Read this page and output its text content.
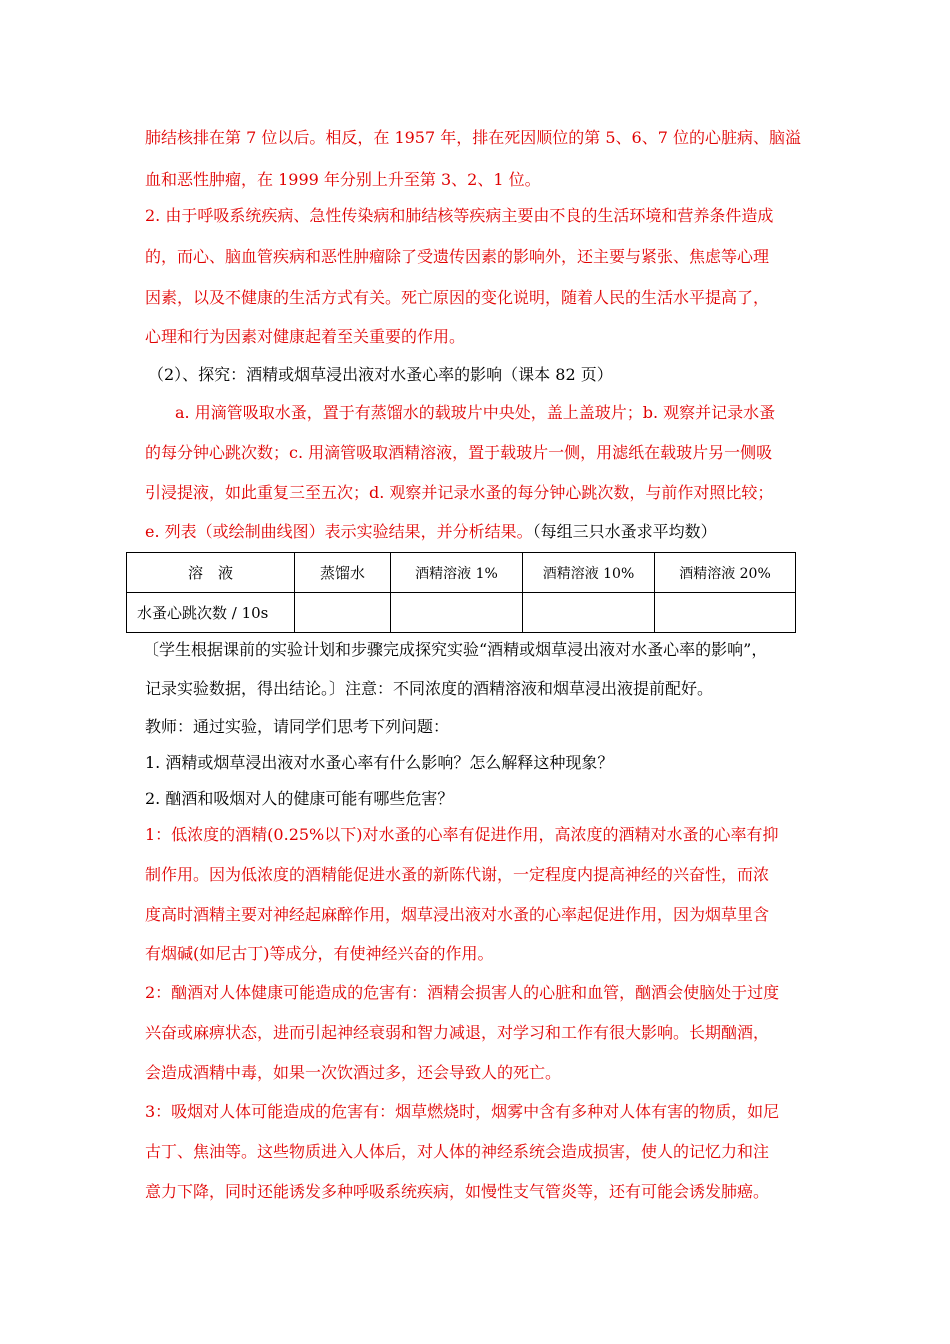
肺结核排在第 7 位以后。相反，在 1957 年，排在死因顺位的第 5、6、7 位的心脏病、脑溢
血和恶性肿瘤，在 1999 年分别上升至第 3、2、1 位。
2. 由于呼吸系统疾病、急性传染病和肺结核等疾病主要由不良的生活环境和营养条件造成
的，而心、脑血管疾病和恶性肿瘤除了受遗传因素的影响外，还主要与紧张、焦虑等心理
因素，以及不健康的生活方式有关。死亡原因的变化说明，随着人民的生活水平提高了，
心理和行为因素对健康起着至关重要的作用。
（2）、探究：酒精或烟草浸出液对水蚤心率的影响（课本 82 页）
a. 用滴管吸取水蚤，置于有蒸馏水的载玻片中央处，盖上盖玻片；b. 观察并记录水蚤
的每分钟心跳次数；c. 用滴管吸取酒精溶液，置于载玻片一侧，用滤纸在载玻片另一侧吸
引浸提液，如此重复三至五次；d. 观察并记录水蚤的每分钟心跳次数，与前作对照比较；
e. 列表（或绘制曲线图）表示实验结果，并分析结果。（每组三只水蚤求平均数）
溶　液	蒸馏水	酒精溶液 1%	酒精溶液 10%	酒精溶液 20%
水蚤心跳次数 / 10s				
〔学生根据课前的实验计划和步骤完成探究实验“酒精或烟草浸出液对水蚤心率的影响”，
记录实验数据，得出结论。〕注意：不同浓度的酒精溶液和烟草浸出液提前配好。
教师：通过实验，请同学们思考下列问题：
1. 酒精或烟草浸出液对水蚤心率有什么影响？怎么解释这种现象？
2. 酗酒和吸烟对人的健康可能有哪些危害？
1：低浓度的酒精(0.25%以下)对水蚤的心率有促进作用，高浓度的酒精对水蚤的心率有抑
制作用。因为低浓度的酒精能促进水蚤的新陈代谢，一定程度内提高神经的兴奋性，而浓
度高时酒精主要对神经起麻醉作用，烟草浸出液对水蚤的心率起促进作用，因为烟草里含
有烟碱(如尼古丁)等成分，有使神经兴奋的作用。
2：酗酒对人体健康可能造成的危害有：酒精会损害人的心脏和血管，酗酒会使脑处于过度
兴奋或麻痹状态，进而引起神经衰弱和智力减退，对学习和工作有很大影响。长期酗酒，
会造成酒精中毒，如果一次饮酒过多，还会导致人的死亡。
3：吸烟对人体可能造成的危害有：烟草燃烧时，烟雾中含有多种对人体有害的物质，如尼
古丁、焦油等。这些物质进入人体后，对人体的神经系统会造成损害，使人的记忆力和注
意力下降，同时还能诱发多种呼吸系统疾病，如慢性支气管炎等，还有可能会诱发肺癌。
